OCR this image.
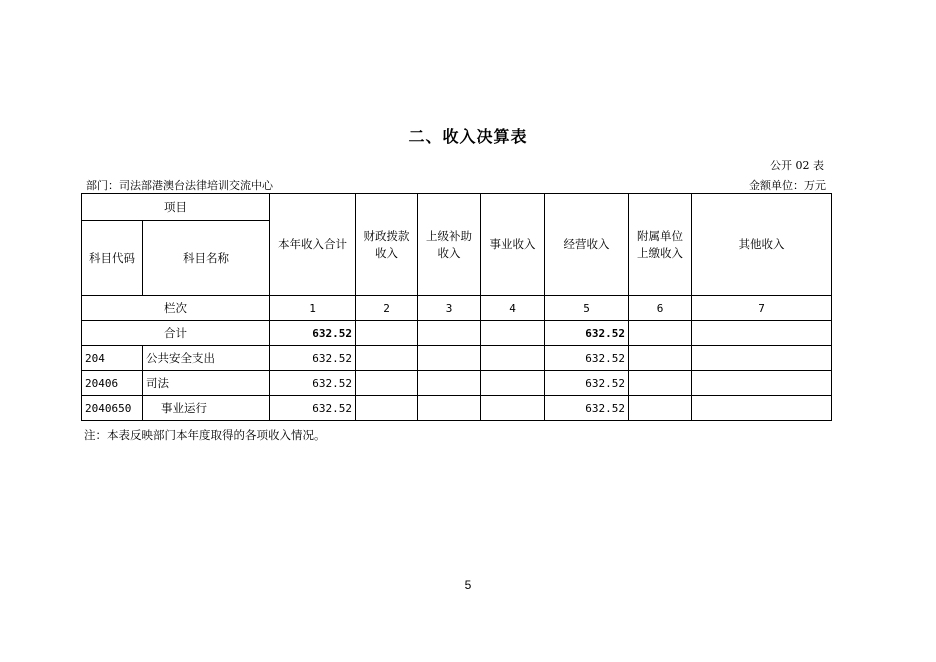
二、收入决算表
公开 02 表
部门：司法部港澳台法律培训交流中心	金额单位：万元
项目		本年收入合计	财政拨款收入	上级补助收入	事业收入	经营收入	附属单位上缴收入	其他收入
科目代码	科目名称							
栏次		1	2	3	4	5	6	7
合计		632.52				632.52		
204	公共安全支出	632.52				632.52		
20406	司法	632.52				632.52		
2040650	事业运行	632.52				632.52		
注：本表反映部门本年度取得的各项收入情况。
5
